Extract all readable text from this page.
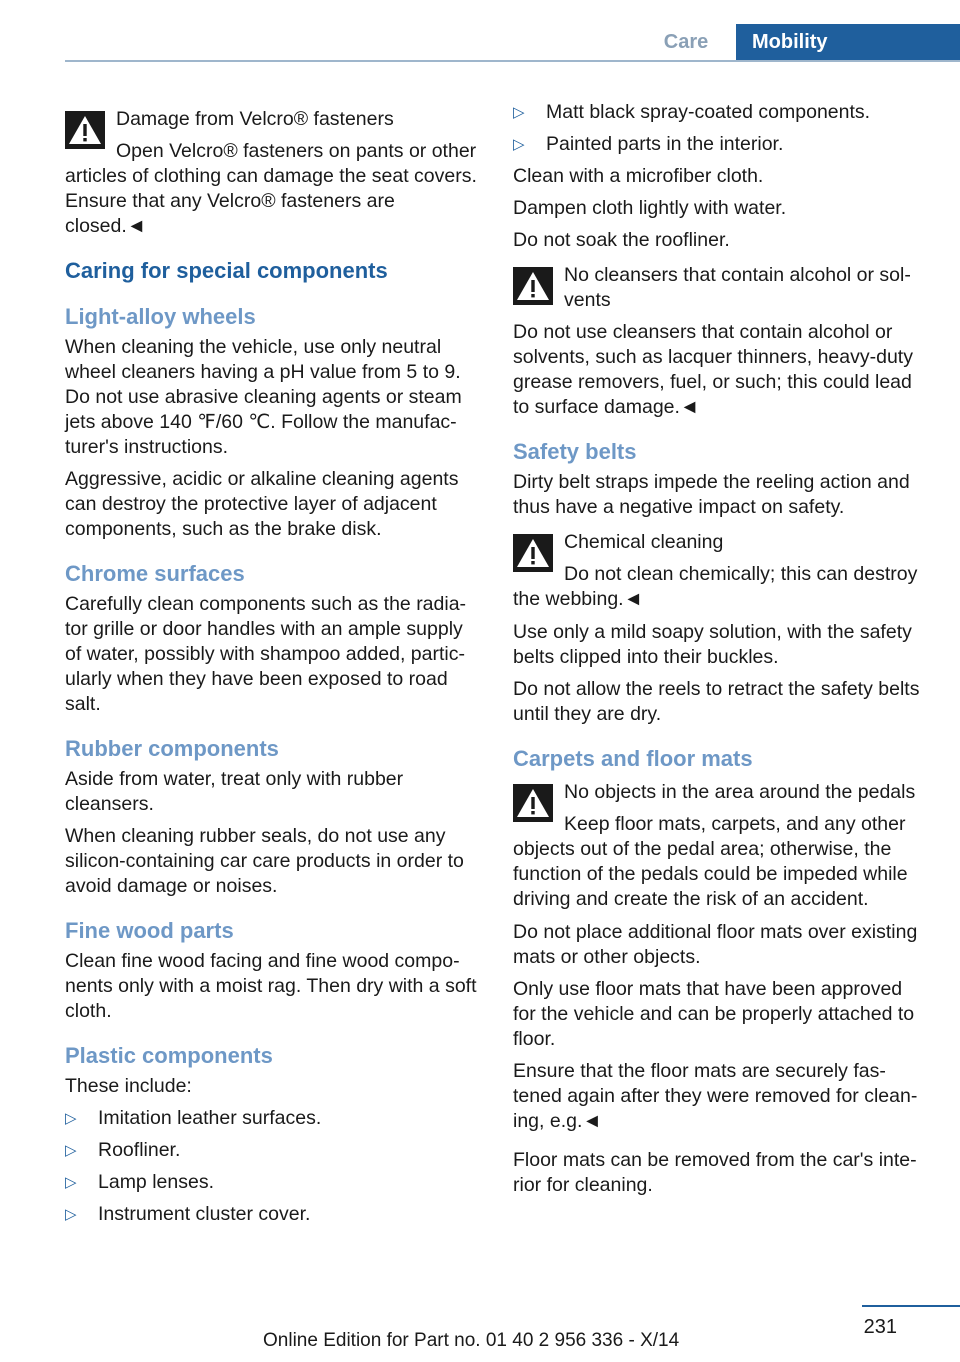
Care	Mobility
Damage from Velcro® fasteners

Open Velcro® fasteners on pants or other articles of clothing can damage the seat covers. Ensure that any Velcro® fasteners are closed.◄

Caring for special components
Light-alloy wheels

When cleaning the vehicle, use only neutral wheel cleaners having a pH value from 5 to 9. Do not use abrasive cleaning agents or steam jets above 140 ℉/60 ℃. Follow the manufac‐turer's instructions.

Aggressive, acidic or alkaline cleaning agents can destroy the protective layer of adjacent components, such as the brake disk.

Chrome surfaces

Carefully clean components such as the radia‐tor grille or door handles with an ample supply of water, possibly with shampoo added, partic‐ularly when they have been exposed to road salt.

Rubber components

Aside from water, treat only with rubber cleansers.

When cleaning rubber seals, do not use any silicon-containing car care products in order to avoid damage or noises.

Fine wood parts

Clean fine wood facing and fine wood compo‐nents only with a moist rag. Then dry with a soft cloth.

Plastic components

These include:

▷ Imitation leather surfaces.
▷ Roofliner.
▷ Lamp lenses.
▷ Instrument cluster cover.
▷ Matt black spray-coated components.
▷ Painted parts in the interior.

Clean with a microfiber cloth.

Dampen cloth lightly with water.

Do not soak the roofliner.

No cleansers that contain alcohol or sol‐vents

Do not use cleansers that contain alcohol or solvents, such as lacquer thinners, heavy-duty grease removers, fuel, or such; this could lead to surface damage.◄

Safety belts

Dirty belt straps impede the reeling action and thus have a negative impact on safety.

Chemical cleaning

Do not clean chemically; this can destroy the webbing.◄

Use only a mild soapy solution, with the safety belts clipped into their buckles.

Do not allow the reels to retract the safety belts until they are dry.

Carpets and floor mats
No objects in the area around the pedals

Keep floor mats, carpets, and any other objects out of the pedal area; otherwise, the function of the pedals could be impeded while driving and create the risk of an accident.

Do not place additional floor mats over existing mats or other objects.

Only use floor mats that have been approved for the vehicle and can be properly attached to floor.

Ensure that the floor mats are securely fas‐tened again after they were removed for clean‐ing, e.g.◄

Floor mats can be removed from the car's inte‐rior for cleaning.

231
Online Edition for Part no. 01 40 2 956 336 - X/14
